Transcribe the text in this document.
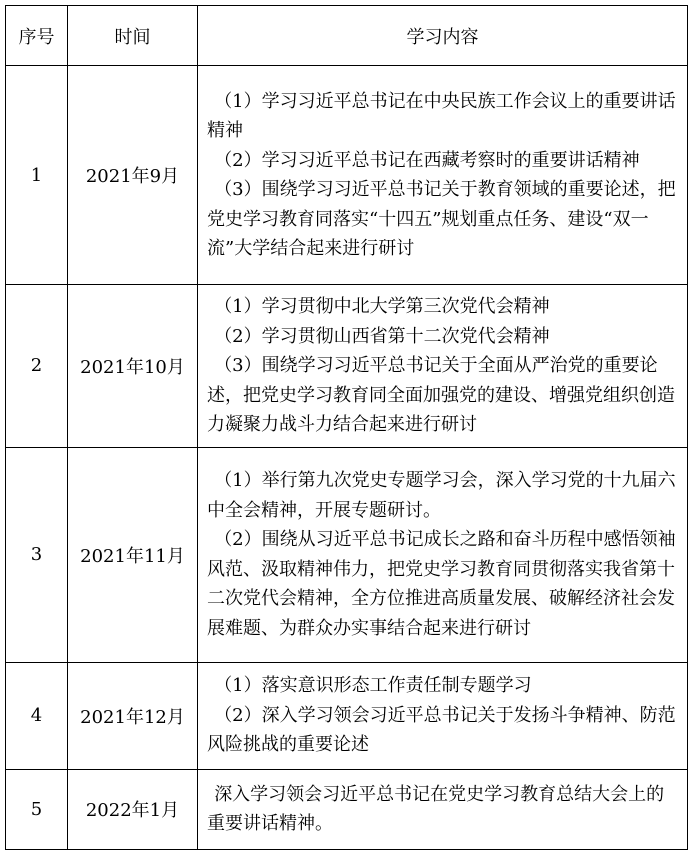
序号	时间	学习内容
1	2021年9月	（1）学习习近平总书记在中央民族工作会议上的重要讲话精神

（2）学习习近平总书记在西藏考察时的重要讲话精神

（3）围绕学习习近平总书记关于教育领域的重要论述，把党史学习教育同落实“十四五”规划重点任务、建设“双一流”大学结合起来进行研讨

2	2021年10月	（1）学习贯彻中北大学第三次党代会精神

（2）学习贯彻山西省第十二次党代会精神

（3）围绕学习习近平总书记关于全面从严治党的重要论述，把党史学习教育同全面加强党的建设、增强党组织创造力凝聚力战斗力结合起来进行研讨

3	2021年11月	（1）举行第九次党史专题学习会，深入学习党的十九届六中全会精神，开展专题研讨。

（2）围绕从习近平总书记成长之路和奋斗历程中感悟领袖风范、汲取精神伟力，把党史学习教育同贯彻落实我省第十二次党代会精神，全方位推进高质量发展、破解经济社会发展难题、为群众办实事结合起来进行研讨

4	2021年12月	（1）落实意识形态工作责任制专题学习

（2）深入学习领会习近平总书记关于发扬斗争精神、防范风险挑战的重要论述

5	2022年1月	深入学习领会习近平总书记在党史学习教育总结大会上的重要讲话精神。
